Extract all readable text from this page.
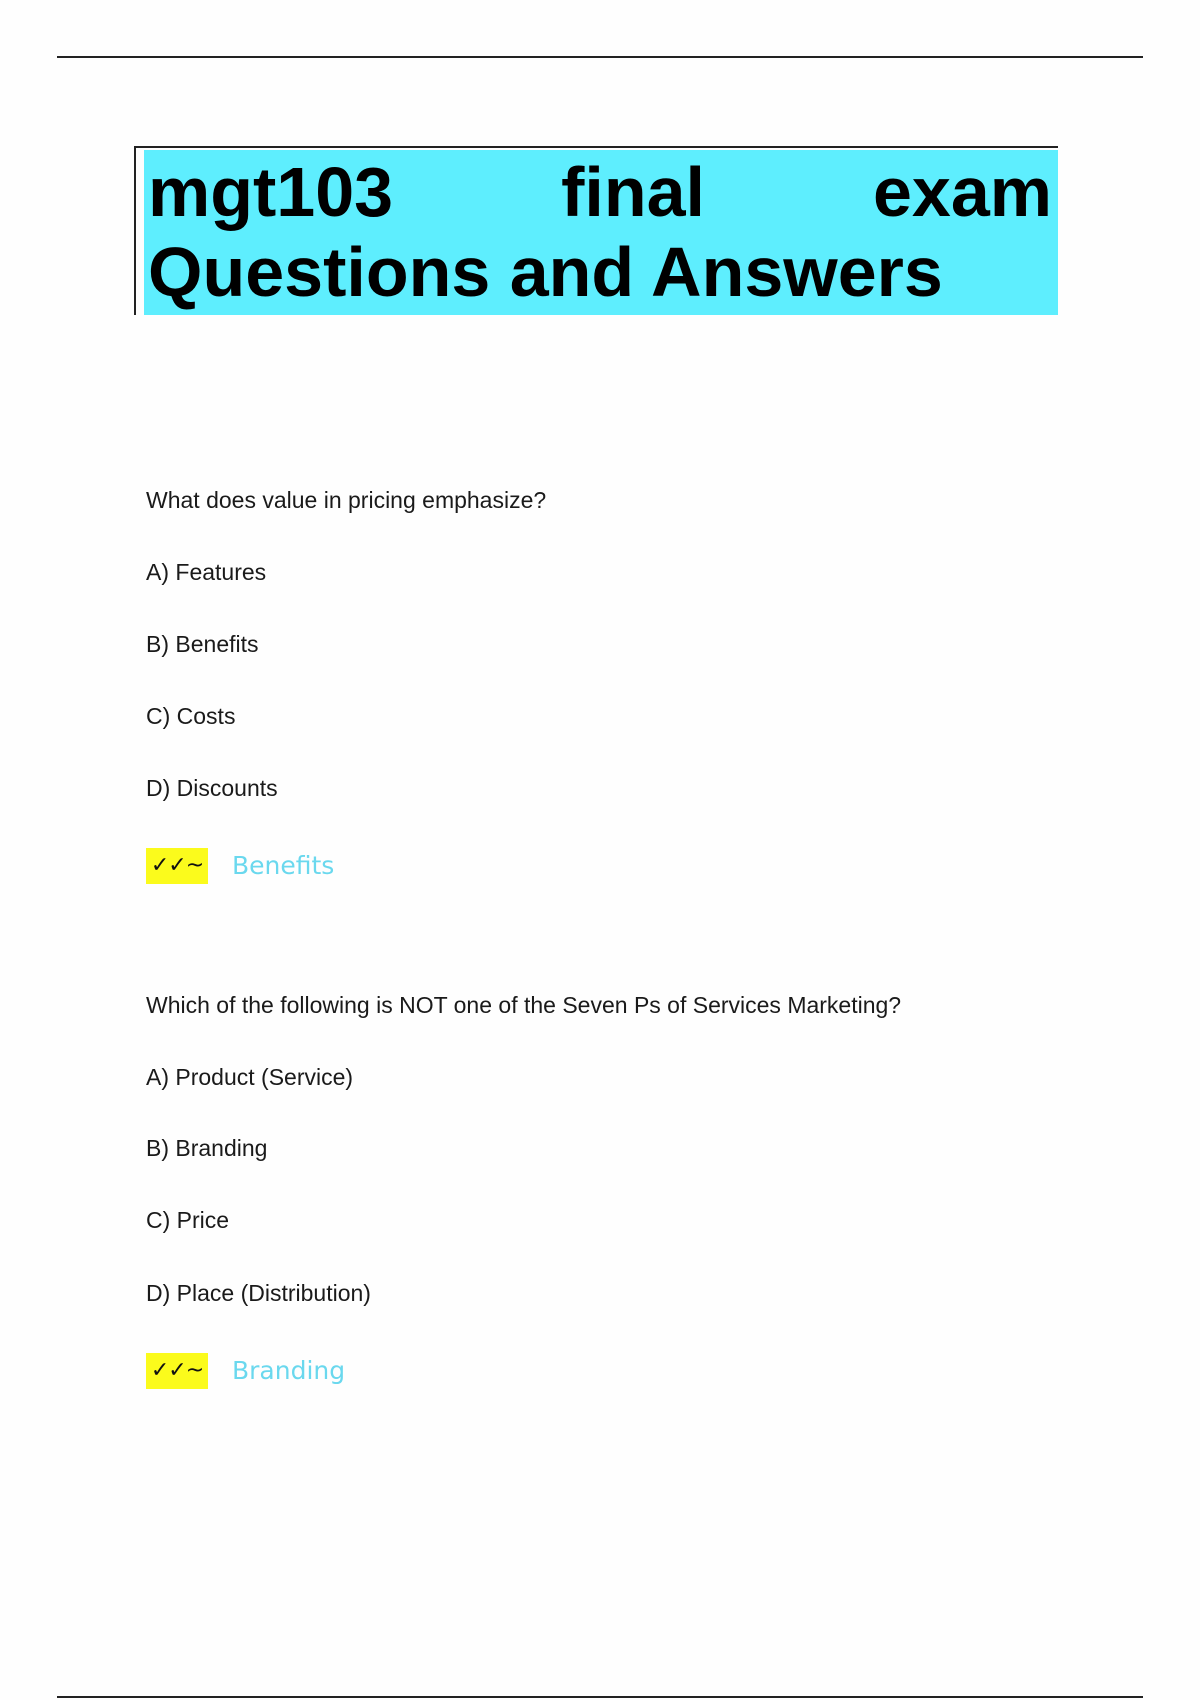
mgt103 final exam
Questions and Answers
What does value in pricing emphasize?
A) Features
B) Benefits
C) Costs
D) Discounts
✓✓~ Benefits
Which of the following is NOT one of the Seven Ps of Services Marketing?
A) Product (Service)
B) Branding
C) Price
D) Place (Distribution)
✓✓~ Branding
